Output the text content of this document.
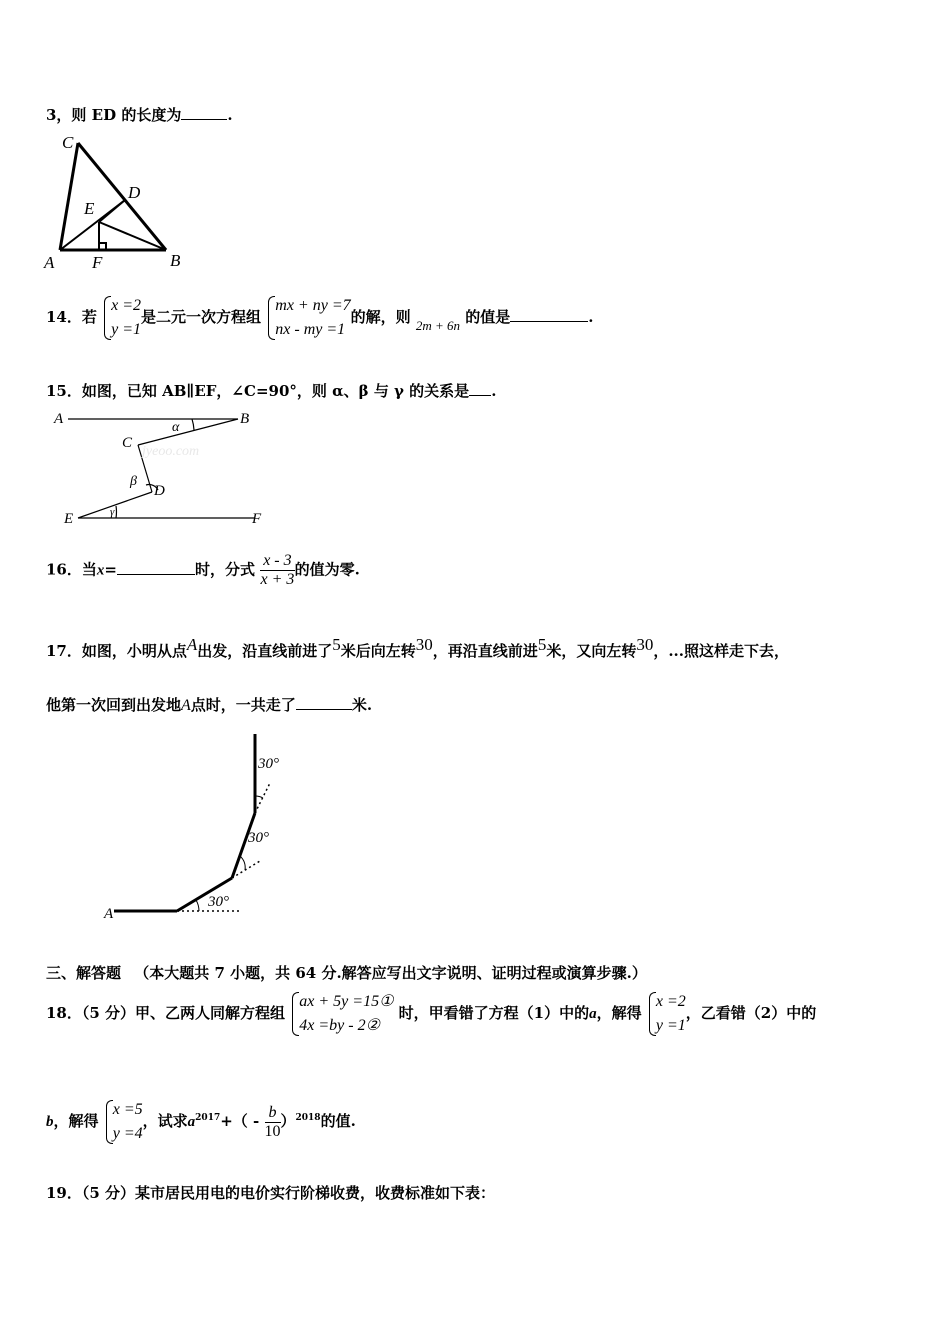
3，则 ED 的长度为	.
C
D
E
A F	B
14．若
x =2
y =1
是二元一次方程组
mx + ny =7
nx - my =1
的解，则 2m + 6n 的值是	.
15．如图，已知 AB∥EF，∠C=90°，则 α、β 与 γ 的关系是 .
jyeoo.com
A	B
C
D
E	F
α
β
γ
16．当x=	时，分式 $\frac{x - 3}{x + 3}$ 的值为零.
17．如图，小明从点A出发，沿直线前进了5米后向左转30，再沿直线前进5米，又向左转30，...照这样走下去，
他第一次回到出发地A点时，一共走了	米.
30°
30°
30°
A
三、解答题 （本大题共 7 小题，共 64 分.解答应写出文字说明、证明过程或演算步骤.）
18．（5 分）甲、乙两人同解方程组
ax + 5y =15①
4x =by - 2②
时，甲看错了方程（1）中的a，解得
x =2
y =1
，乙看错（2）中的
b，解得
x =5
y =4
，试求$a^{2017}+( - \frac{b}{10} )^{2018}$的值.
19．（5 分）某市居民用电的电价实行阶梯收费，收费标准如下表：
